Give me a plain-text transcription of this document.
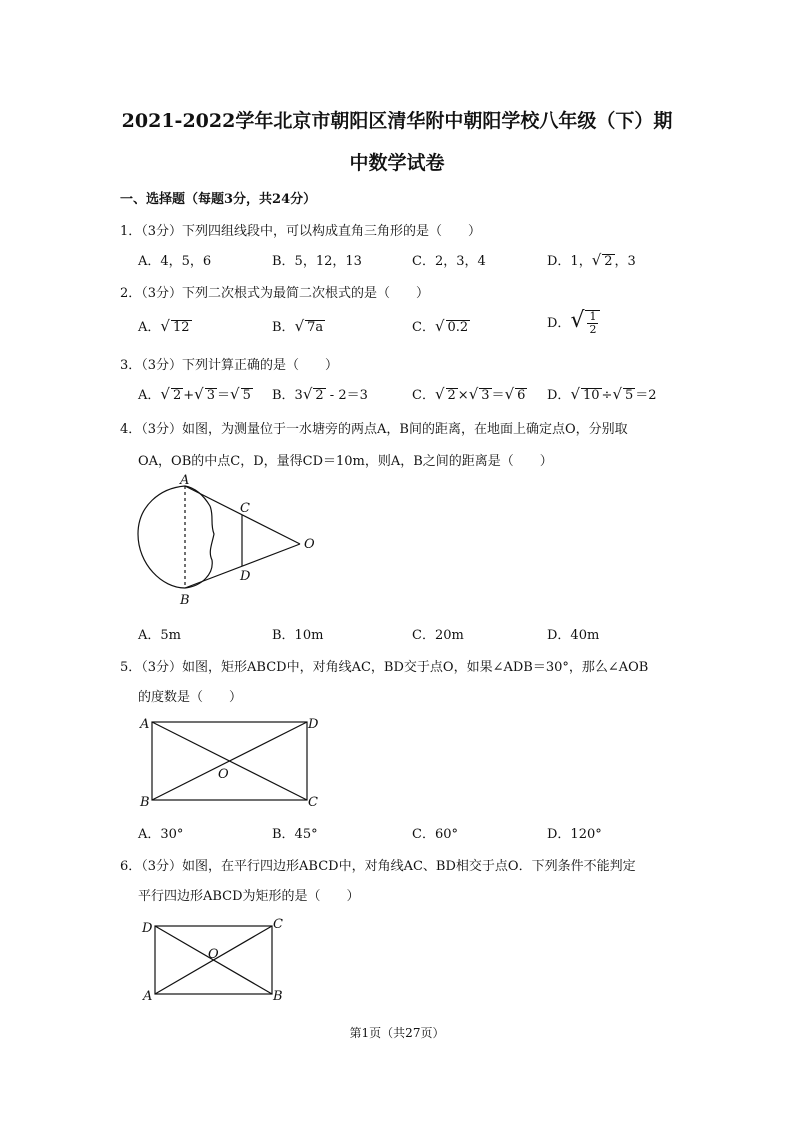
2021-2022学年北京市朝阳区清华附中朝阳学校八年级（下）期
中数学试卷
一、选择题（每题3分，共24分）
1．（3分）下列四组线段中，可以构成直角三角形的是（　　）
A．4，5，6	B．5，12，13	C．2，3，4	D．1，√ 2 ，3
2．（3分）下列二次根式为最简二次根式的是（　　）
A．√ 12	B．√ 7a	C．√ 0.2	D．√ $\frac{1}{2}$
3．（3分）下列计算正确的是（　　）
A．√ 2 +√ 3 ＝√ 5 B．3√ 2 - 2＝3	C．√ 2 ×√ 3 ＝√ 6 D．√ 10 ÷√ 5 ＝2
4．（3分）如图，为测量位于一水塘旁的两点A，B间的距离，在地面上确定点O，分别取
OA，OB的中点C，D，量得CD＝10m，则A，B之间的距离是（　　）
A
B
C
D
O
A．5m	B．10m	C．20m	D．40m
5．（3分）如图，矩形ABCD中，对角线AC，BD交于点O，如果∠ADB＝30°，那么∠AOB
的度数是（　　）
A
B	C
D
O
A．30°	B．45°	C．60°	D．120°
6．（3分）如图，在平行四边形ABCD中，对角线AC、BD相交于点O．下列条件不能判定
平行四边形ABCD为矩形的是（　　）
A	B
C
D
O
第1页（共27页）
